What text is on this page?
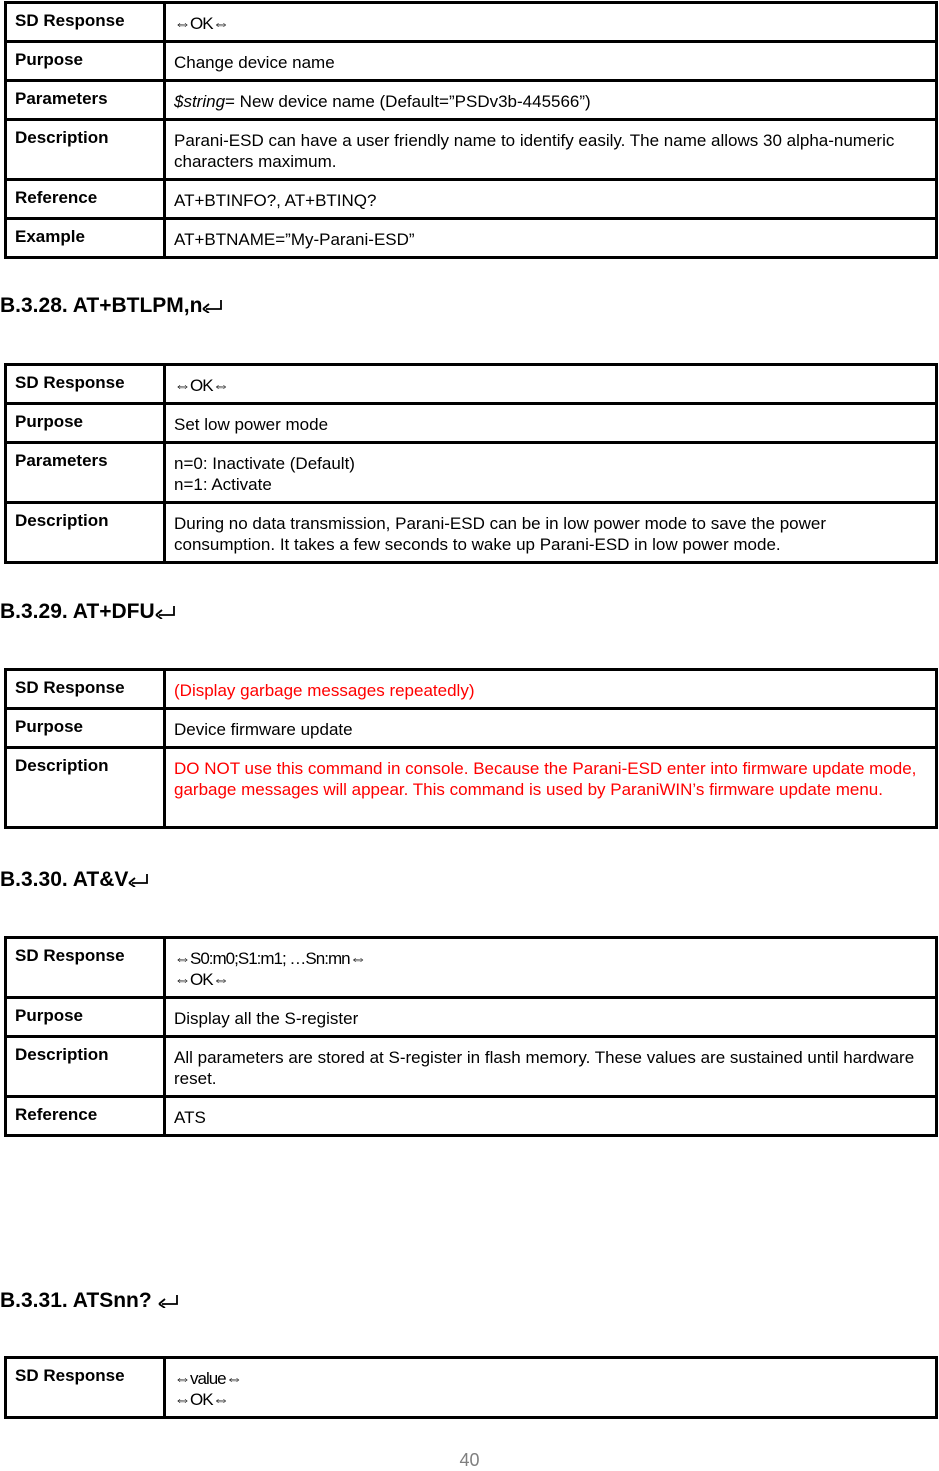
SD Response	⇔OK⇔
Purpose	Change device name
Parameters	$string= New device name (Default=”PSDv3b-445566”)
Description	Parani-ESD can have a user friendly name to identify easily. The name allows 30 alpha-numeric characters maximum.
Reference	AT+BTINFO?, AT+BTINQ?
Example	AT+BTNAME=”My-Parani-ESD”
B.3.28. AT+BTLPM,n
SD Response	⇔OK⇔
Purpose	Set low power mode
Parameters	n=0: Inactivate (Default)
n=1: Activate

Description	During no data transmission, Parani-ESD can be in low power mode to save the power consumption. It takes a few seconds to wake up Parani-ESD in low power mode.
B.3.29. AT+DFU
SD Response	(Display garbage messages repeatedly)
Purpose	Device firmware update
Description	DO NOT use this command in console. Because the Parani-ESD enter into firmware update mode, garbage messages will appear. This command is used by ParaniWIN’s firmware update menu.
B.3.30. AT&V
SD Response	⇔S0:m0;S1:m1; …Sn:mn⇔
⇔OK⇔

Purpose	Display all the S-register
Description	All parameters are stored at S-register in flash memory. These values are sustained until hardware reset.
Reference	ATS
B.3.31. ATSnn?
SD Response	⇔value⇔
⇔OK⇔
40
